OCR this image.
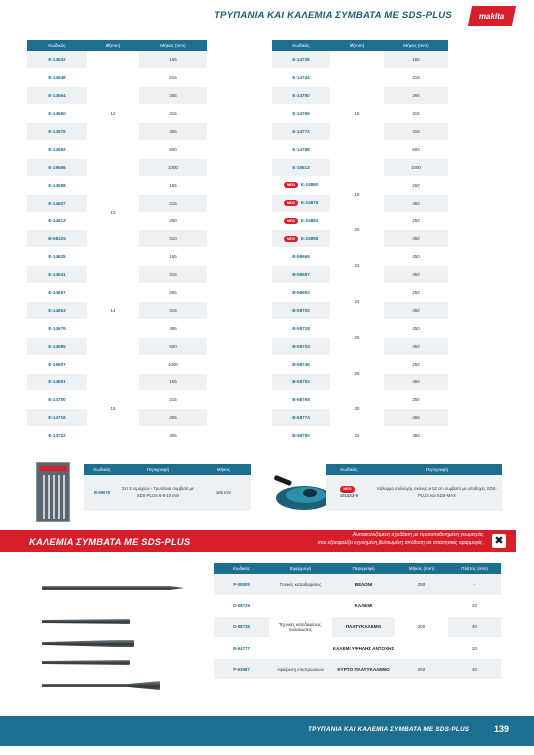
ΤΡΥΠΑΝΙΑ ΚΑΙ ΚΑΛΕΜΙΑ ΣΥΜΒΑΤΑ ΜΕ SDS-PLUS	makita
Κωδικός	Ø(mm)	Μήκος (mm)
E-14532	12	165
E-14548		215
E-14554		265
E-14560		315
E-14576		455
E-14582		600
E-19598		1000
E-14598	13	165
E-14607		215
E-14613		260
B-58425		310
E-14635	14	165
E-14641		215
E-14657		265
E-14663		315
E-14679		455
E-14685		600
E-19607		1000
E-14691	15	165
E-14700		215
E-14716		265
E-14722		455
Κωδικός	Ø(mm)	Μήκος (mm)
E-14738	16	165
E-14744		215
E-14750		265
E-14766		315
E-14772		415
E-14788		600
E-19613		1000
ΝΕΟ E-24860	18	250
ΝΕΟ E-24876		450
ΝΕΟ E-24882	20	250
ΝΕΟ E-24898		450
B-58665	22	250
B-58687		450
B-58693	24	250
B-58702		450
B-58718	25	250
B-58724		450
B-58746	28	250
B-58752		450
B-58768	30	250
B-58774		450
B-58780	32	450
Κωδικός	Περιγραφή	Μήκος
B-59075	Σετ 3 τεμαχίων - Τρυπάνια συμβατά με SDS-PLUS 6-8-10 mm	165 mm
Κωδικός	Περιγραφή

ΝΕΟ
1914X3-6	Κάλυμμα συλλογής σκόνης ø 52 cm συμβατό με υποδοχές SDS-PLUS και SDS-MAX
ΚΑΛΕΜΙΑ ΣΥΜΒΑΤΑ ΜΕ SDS-PLUS
Αυτοακονιζόμενη σχεδίαση με προτοποθετημένη γεωμετρία,
που εξασφαλίζει εγγυημένη βελτιωμένη απόδοση σε απαιτητικές εφαρμογές. ✖
Κωδικός	Εφαρμογή	Περιγραφή	Μήκος (mm)	Πλάτος (mm)
P-05505	Γενικές καταιδαφίσεις	ΒΕΛΟΝΙ	250	-
D-08729	Τεχνικές κατεδαφίσεις, αυλακώσεις	ΚΑΛΕΜΙ	200	20
D-08735		ΠΛΑΤΥΚΑΛΕΜΟ		40
B-64777		ΚΑΛΕΜΙ ΥΨΗΛΗΣ ΑΝΤΟΧΗΣ		20
P-63987	Αφαίρεση επιστρώσεων	ΚΥΡΤΟ ΠΛΑΤΥΚΑΛΕΜΟ	260	40
ΤΡΥΠΑΝΙΑ ΚΑΙ ΚΑΛΕΜΙΑ ΣΥΜΒΑΤΑ ΜΕ SDS-PLUS	139
